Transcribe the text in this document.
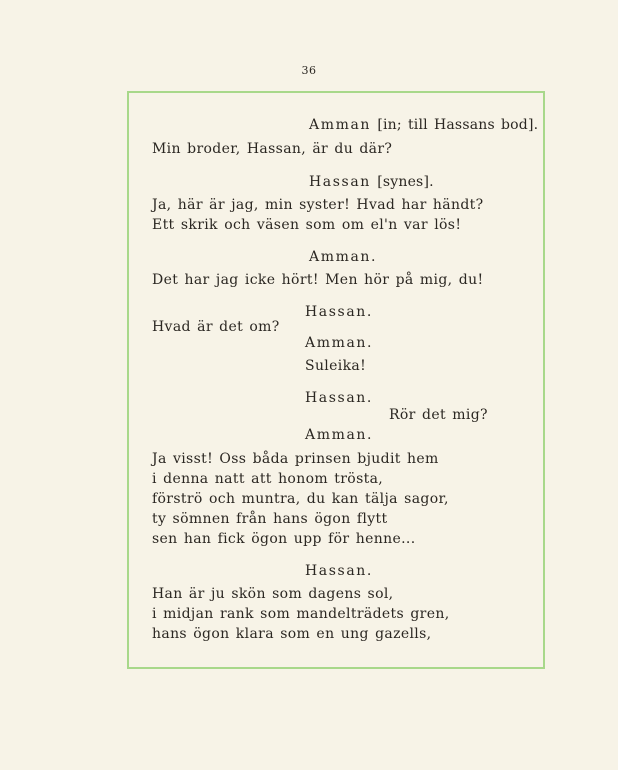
36
Amman [in; till Hassans bod].
Min broder, Hassan, är du där?
Hassan [synes].
Ja, här är jag, min syster! Hvad har händt?
Ett skrik och väsen som om el'n var lös!
Amman.
Det har jag icke hört! Men hör på mig, du!
Hassan.
Hvad är det om?
Amman.
Suleika!
Hassan.
Rör det mig?
Amman.
Ja visst! Oss båda prinsen bjudit hem
i denna natt att honom trösta,
förströ och muntra, du kan tälja sagor,
ty sömnen från hans ögon flytt
sen han fick ögon upp för henne...
Hassan.
Han är ju skön som dagens sol,
i midjan rank som mandelträdets gren,
hans ögon klara som en ung gazells,
